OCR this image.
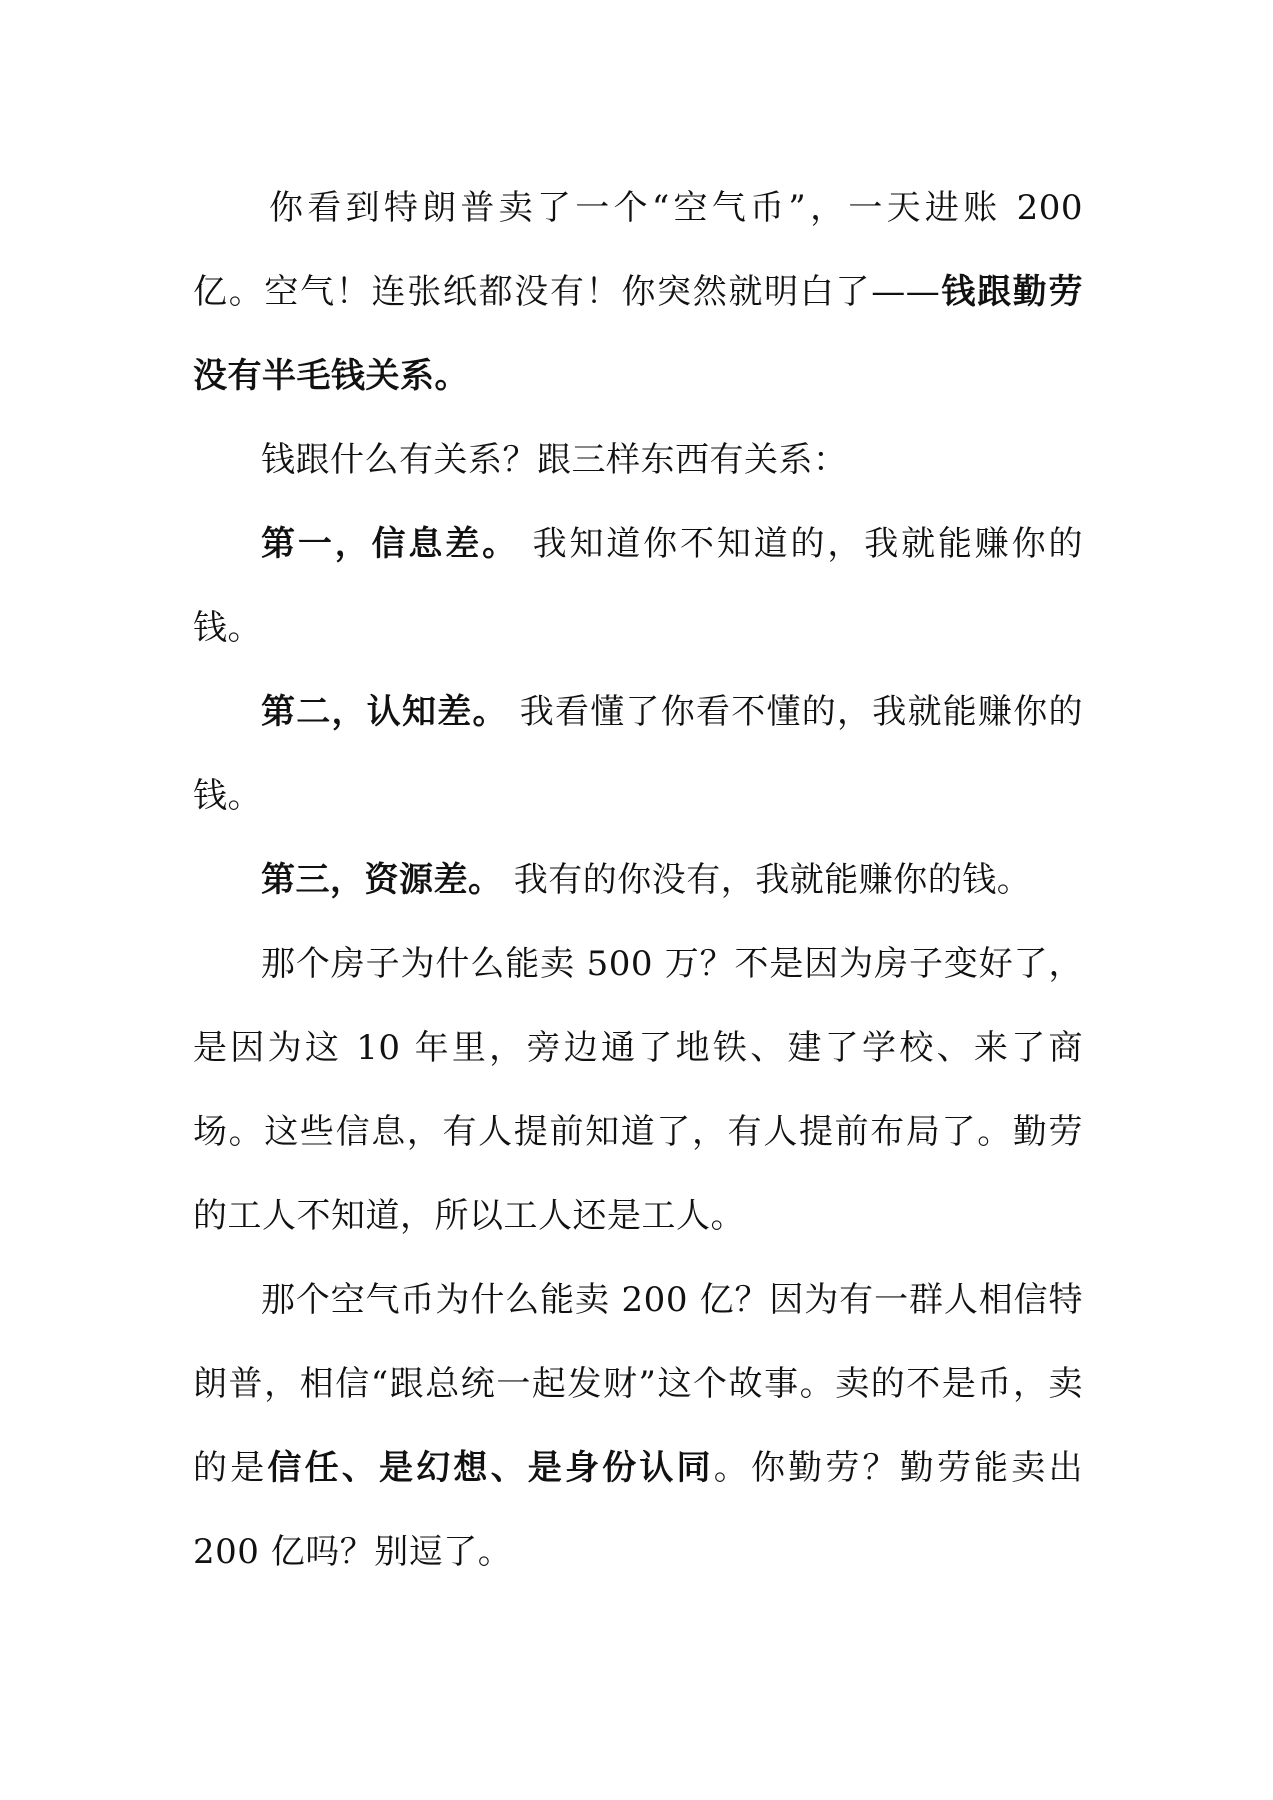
你看到特朗普卖了一个“空气币”，一天进账 200 亿。空气！连张纸都没有！你突然就明白了——钱跟勤劳没有半毛钱关系。

钱跟什么有关系？跟三样东西有关系：

第一，信息差。 我知道你不知道的，我就能赚你的钱。

第二，认知差。 我看懂了你看不懂的，我就能赚你的钱。

第三，资源差。 我有的你没有，我就能赚你的钱。

那个房子为什么能卖 500 万？不是因为房子变好了，是因为这 10 年里，旁边通了地铁、建了学校、来了商场。这些信息，有人提前知道了，有人提前布局了。勤劳的工人不知道，所以工人还是工人。

那个空气币为什么能卖 200 亿？因为有一群人相信特朗普，相信“跟总统一起发财”这个故事。卖的不是币，卖的是信任、是幻想、是身份认同。你勤劳？勤劳能卖出 200 亿吗？别逗了。
